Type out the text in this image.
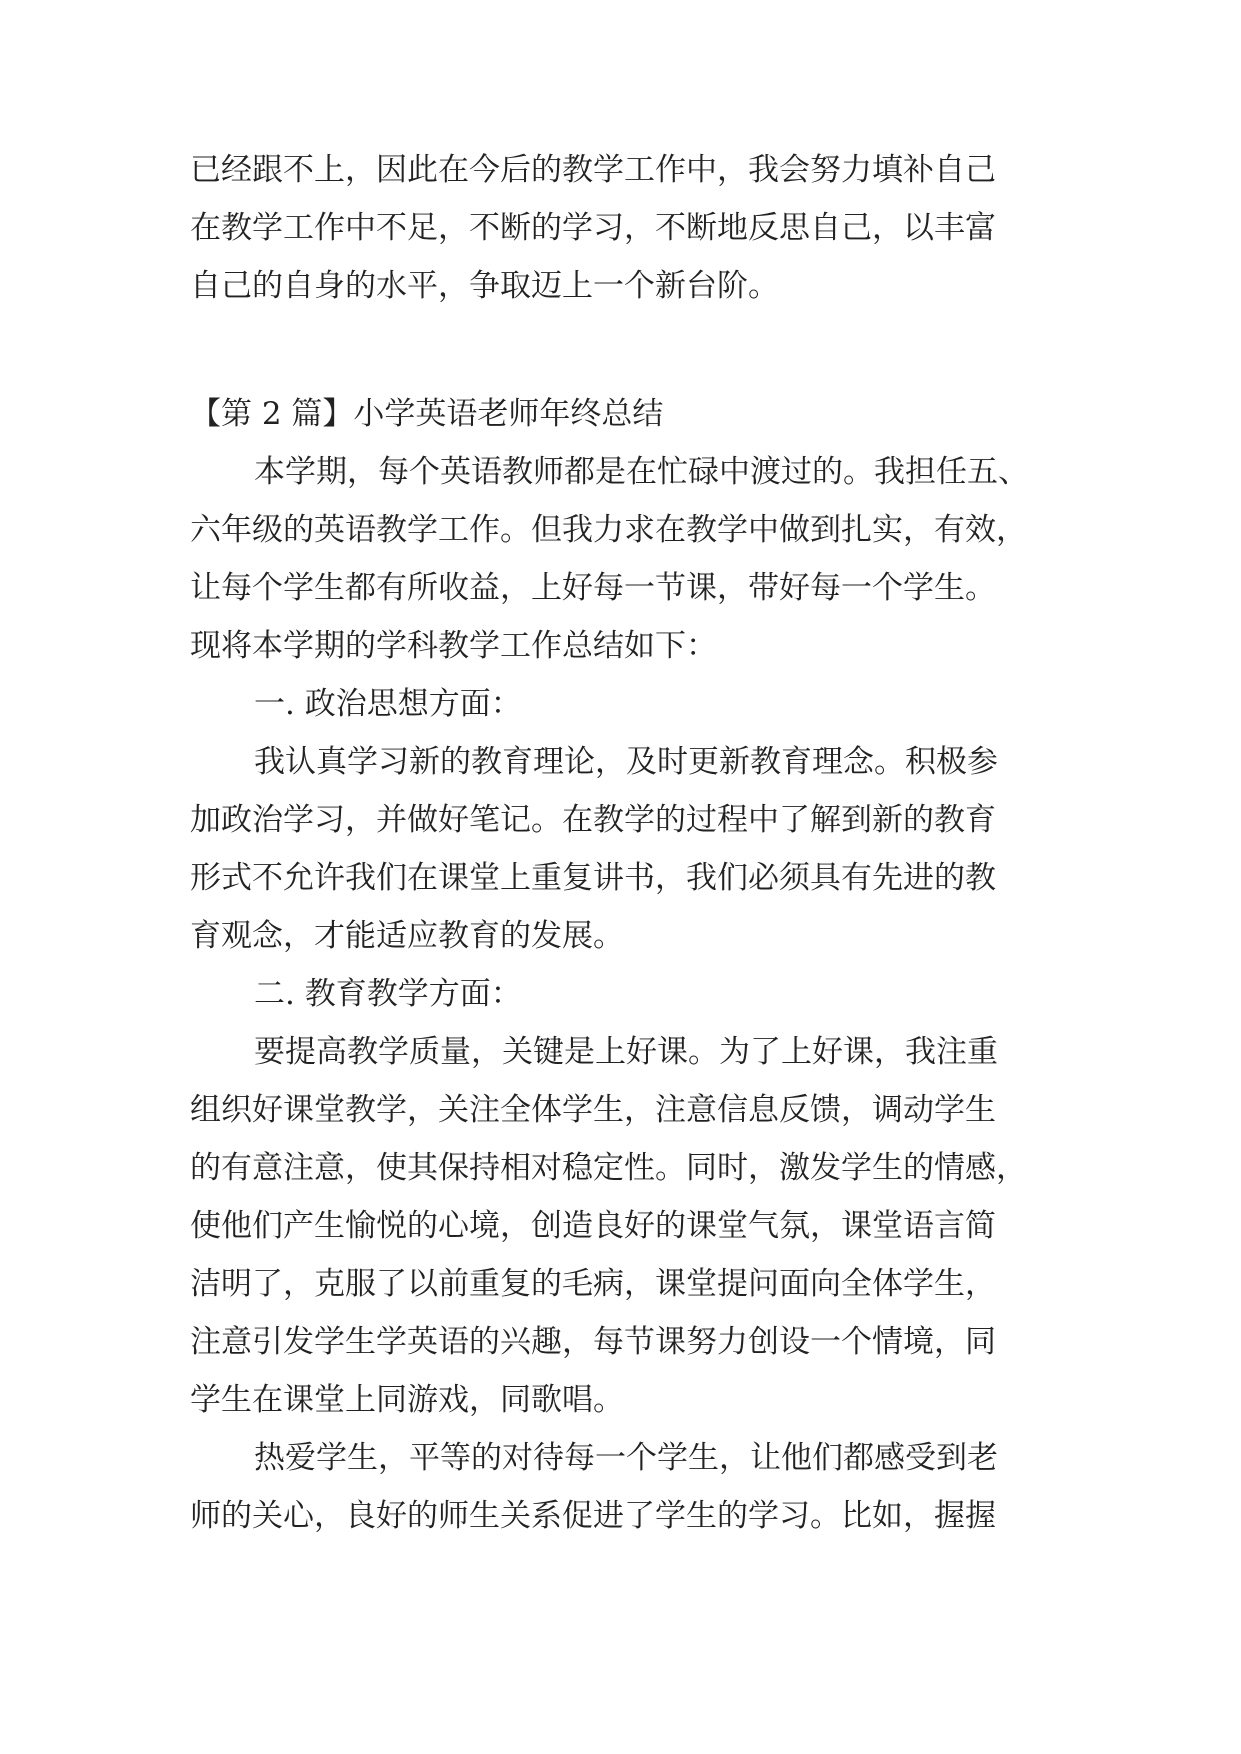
已经跟不上，因此在今后的教学工作中，我会努力填补自己
在教学工作中不足，不断的学习，不断地反思自己，以丰富
自己的自身的水平，争取迈上一个新台阶。
【第 2 篇】小学英语老师年终总结
本学期，每个英语教师都是在忙碌中渡过的。我担任五、
六年级的英语教学工作。但我力求在教学中做到扎实，有效，
让每个学生都有所收益，上好每一节课，带好每一个学生。
现将本学期的学科教学工作总结如下：
一. 政治思想方面：
我认真学习新的教育理论，及时更新教育理念。积极参
加政治学习，并做好笔记。在教学的过程中了解到新的教育
形式不允许我们在课堂上重复讲书，我们必须具有先进的教
育观念，才能适应教育的发展。
二. 教育教学方面：
要提高教学质量，关键是上好课。为了上好课，我注重
组织好课堂教学，关注全体学生，注意信息反馈，调动学生
的有意注意，使其保持相对稳定性。同时，激发学生的情感，
使他们产生愉悦的心境，创造良好的课堂气氛，课堂语言简
洁明了，克服了以前重复的毛病，课堂提问面向全体学生，
注意引发学生学英语的兴趣，每节课努力创设一个情境，同
学生在课堂上同游戏，同歌唱。
热爱学生，平等的对待每一个学生，让他们都感受到老
师的关心，良好的师生关系促进了学生的学习。比如，握握
